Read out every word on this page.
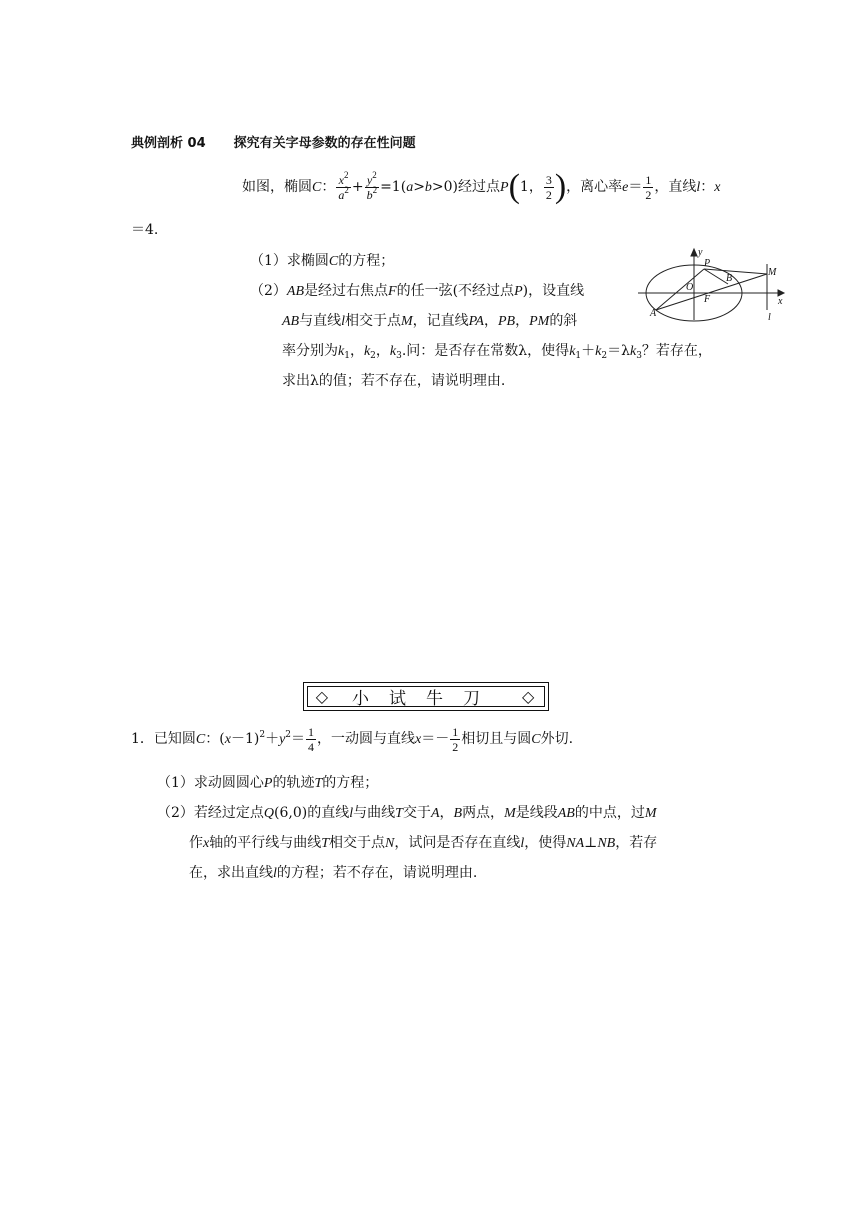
典例剖析 04 探究有关字母参数的存在性问题
如图，椭圆C： $\frac{x^2}{a^2} + \frac{y^2}{b^2} =1(a>b>0)$经过点P(1， $\frac{3}{2}$ )，离心率$e= \frac{1}{2}$ ，直线l：x
＝4.
（1）求椭圆C的方程；
（2）AB是经过右焦点F的任一弦(不经过点P)，设直线
AB与直线l相交于点M，记直线PA，PB，PM的斜
率分别为$k_1$，$k_2$，$k_3$.问：是否存在常数λ，使得$k_1+k_2=\lambda k_3$？若存在，
求出λ的值；若不存在，请说明理由.
y
P
B
M
O
F	x
A	l
◇ 小试牛刀 ◇
1．已知圆C：$(x-1)^2+y^2= \frac{1}{4}$ ，一动圆与直线$x=- \frac{1}{2}$ 相切且与圆C外切.
（1）求动圆圆心P的轨迹T的方程；
（2）若经过定点Q(6,0)的直线l与曲线T交于A，B两点，M是线段AB的中点，过M
作x轴的平行线与曲线T相交于点N，试问是否存在直线l，使得NA⊥NB，若存
在，求出直线l的方程；若不存在，请说明理由.
